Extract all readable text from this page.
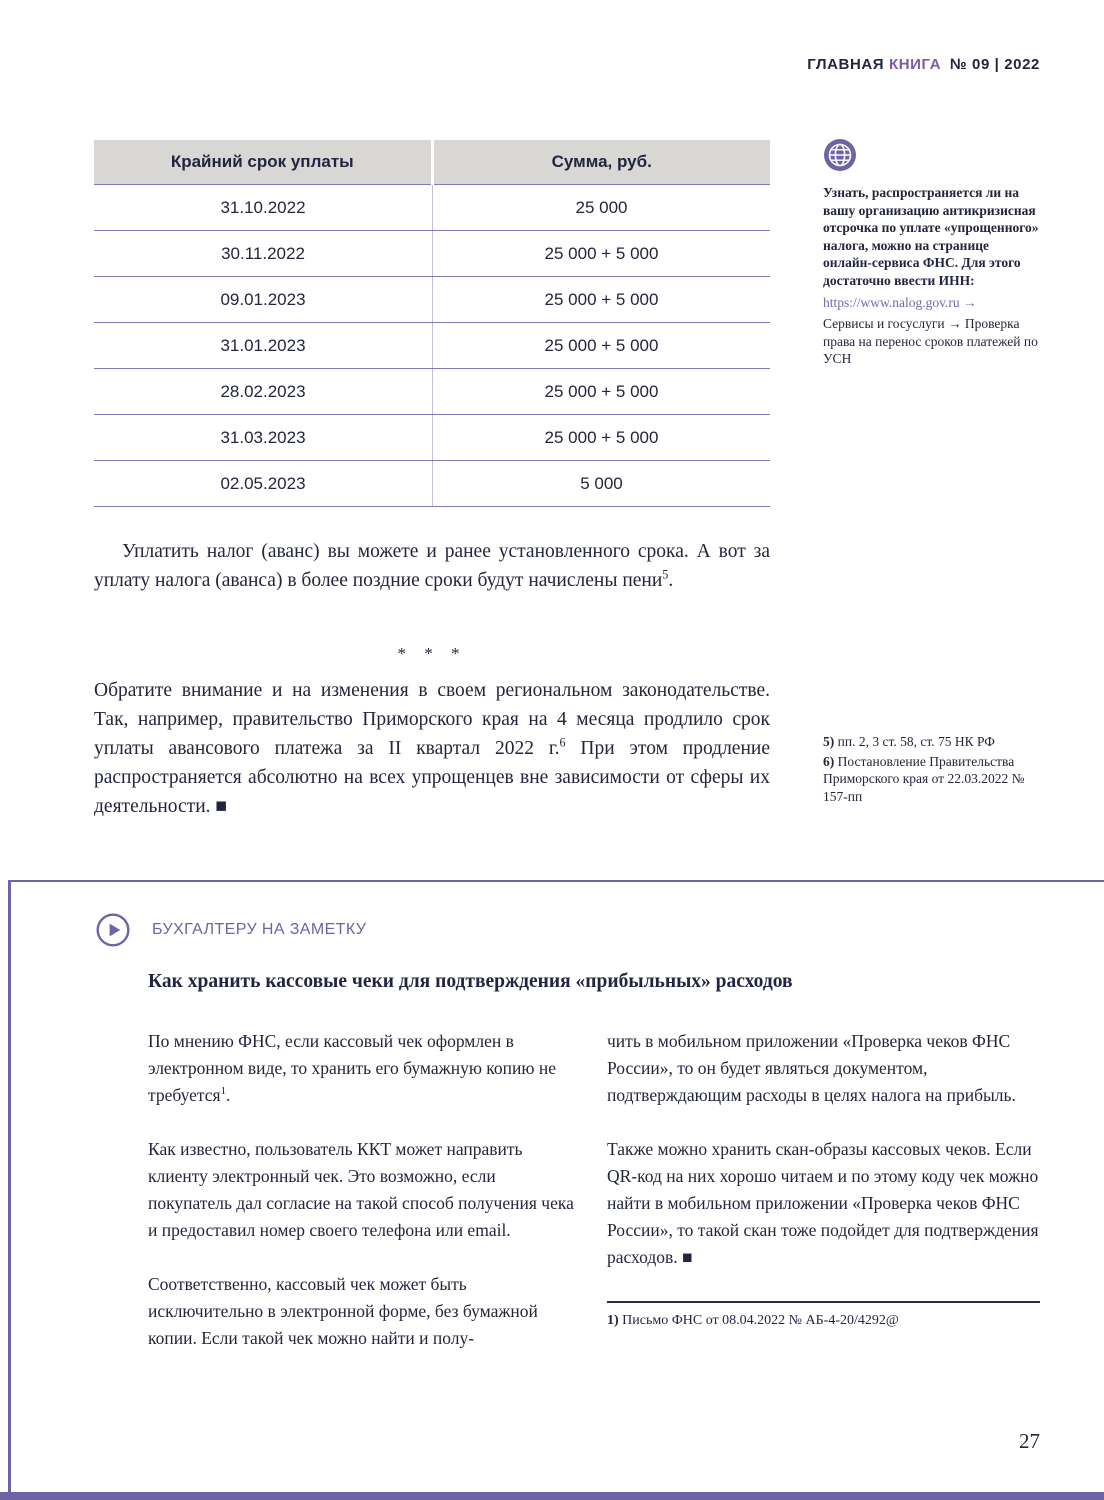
ГЛАВНАЯ КНИГА № 09 | 2022
Крайний срок уплаты	Сумма, руб.
31.10.2022	25 000
30.11.2022	25 000 + 5 000
09.01.2023	25 000 + 5 000
31.01.2023	25 000 + 5 000
28.02.2023	25 000 + 5 000
31.03.2023	25 000 + 5 000
02.05.2023	5 000
Узнать, распространяется ли на вашу организацию антикризисная отсрочка по уплате «упрощенного» налога, можно на странице онлайн-сервиса ФНС. Для этого достаточно ввести ИНН:
https://www.nalog.gov.ru →
Сервисы и госуслуги → Проверка права на перенос сроков платежей по УСН

Уплатить налог (аванс) вы можете и ранее установленного срока. А вот за уплату налога (аванса) в более поздние сроки будут начислены пени$^5$.

* * *

Обратите внимание и на изменения в своем региональном законодательстве. Так, например, правительство Приморского края на 4 месяца продлило срок уплаты авансового платежа за II квартал 2022 г.$^6$ При этом продление распространяется абсолютно на всех упрощенцев вне зависимости от сферы их деятельности. ■

5) пп. 2, 3 ст. 58, ст. 75 НК РФ
6) Постановление Правительства Приморского края от 22.03.2022 № 157-пп
БУХГАЛТЕРУ НА ЗАМЕТКУ
Как хранить кассовые чеки для подтверждения «прибыльных» расходов

По мнению ФНС, если кассовый чек оформлен в электронном виде, то хранить его бумажную копию не требуется$^1$.

Как известно, пользователь ККТ может направить клиенту электронный чек. Это возможно, если покупатель дал согласие на такой способ получения чека и предоставил номер своего телефона или email.

Соответственно, кассовый чек может быть исключительно в электронной форме, без бумажной копии. Если такой чек можно найти и полу-

чить в мобильном приложении «Проверка чеков ФНС России», то он будет являться документом, подтверждающим расходы в целях налога на прибыль.

Также можно хранить скан-образы кассовых чеков. Если QR-код на них хорошо читаем и по этому коду чек можно найти в мобильном приложении «Проверка чеков ФНС России», то такой скан тоже подойдет для подтверждения расходов. ■

1) Письмо ФНС от 08.04.2022 № АБ-4-20/4292@
27
